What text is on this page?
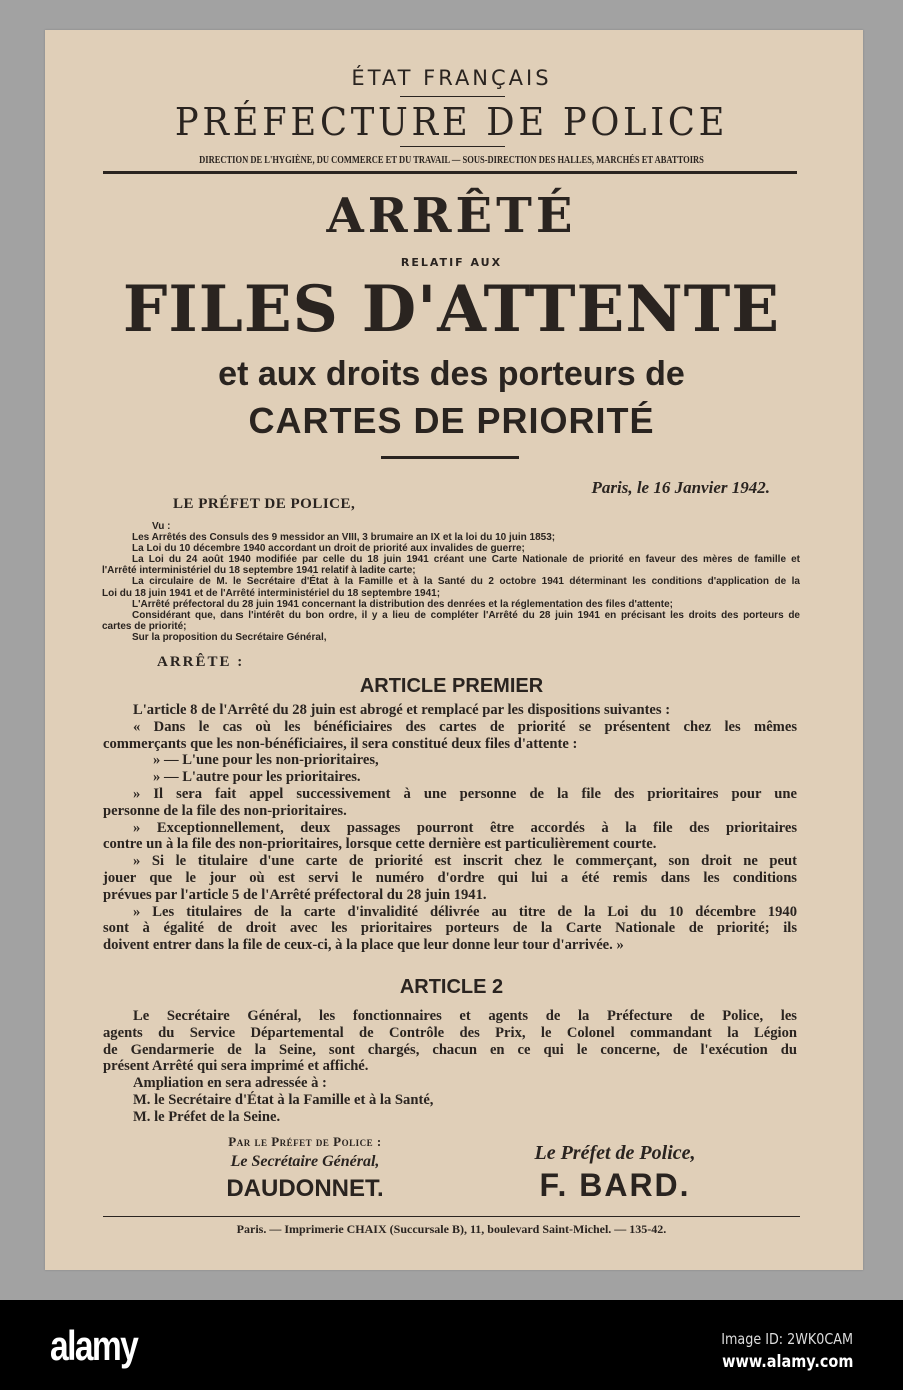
ÉTAT FRANÇAIS
PRÉFECTURE DE POLICE
DIRECTION DE L'HYGIÈNE, DU COMMERCE ET DU TRAVAIL — SOUS-DIRECTION DES HALLES, MARCHÉS ET ABATTOIRS
ARRÊTÉ
RELATIF AUX
FILES D'ATTENTE
et aux droits des porteurs de
CARTES DE PRIORITÉ
Paris, le 16 Janvier 1942.
LE PRÉFET DE POLICE,
Vu :
Les Arrêtés des Consuls des 9 messidor an VIII, 3 brumaire an IX et la loi du 10 juin 1853;
La Loi du 10 décembre 1940 accordant un droit de priorité aux invalides de guerre;
La Loi du 24 août 1940 modifiée par celle du 18 juin 1941 créant une Carte Nationale de priorité en faveur des mères de famille et
l'Arrêté interministériel du 18 septembre 1941 relatif à ladite carte;
La circulaire de M. le Secrétaire d'État à la Famille et à la Santé du 2 octobre 1941 déterminant les conditions d'application de la
Loi du 18 juin 1941 et de l'Arrêté interministériel du 18 septembre 1941;
L'Arrêté préfectoral du 28 juin 1941 concernant la distribution des denrées et la réglementation des files d'attente;
Considérant que, dans l'intérêt du bon ordre, il y a lieu de compléter l'Arrêté du 28 juin 1941 en précisant les droits des porteurs de
cartes de priorité;
Sur la proposition du Secrétaire Général,
ARRÊTE :
ARTICLE PREMIER
L'article 8 de l'Arrêté du 28 juin est abrogé et remplacé par les dispositions suivantes :
« Dans le cas où les bénéficiaires des cartes de priorité se présentent chez les mêmes
commerçants que les non-bénéficiaires, il sera constitué deux files d'attente :
» — L'une pour les non-prioritaires,
» — L'autre pour les prioritaires.
» Il sera fait appel successivement à une personne de la file des prioritaires pour une
personne de la file des non-prioritaires.
» Exceptionnellement, deux passages pourront être accordés à la file des prioritaires
contre un à la file des non-prioritaires, lorsque cette dernière est particulièrement courte.
» Si le titulaire d'une carte de priorité est inscrit chez le commerçant, son droit ne peut
jouer que le jour où est servi le numéro d'ordre qui lui a été remis dans les conditions
prévues par l'article 5 de l'Arrêté préfectoral du 28 juin 1941.
» Les titulaires de la carte d'invalidité délivrée au titre de la Loi du 10 décembre 1940
sont à égalité de droit avec les prioritaires porteurs de la Carte Nationale de priorité; ils
doivent entrer dans la file de ceux-ci, à la place que leur donne leur tour d'arrivée. »
ARTICLE 2
Le Secrétaire Général, les fonctionnaires et agents de la Préfecture de Police, les
agents du Service Départemental de Contrôle des Prix, le Colonel commandant la Légion
de Gendarmerie de la Seine, sont chargés, chacun en ce qui le concerne, de l'exécution du
présent Arrêté qui sera imprimé et affiché.
Ampliation en sera adressée à :
M. le Secrétaire d'État à la Famille et à la Santé,
M. le Préfet de la Seine.
Par le Préfet de Police :
Le Secrétaire Général,
DAUDONNET.
Le Préfet de Police,
F. BARD.
Paris. — Imprimerie CHAIX (Succursale B), 11, boulevard Saint-Michel. — 135-42.
alamy	Image ID: 2WK0CAM
www.alamy.com
